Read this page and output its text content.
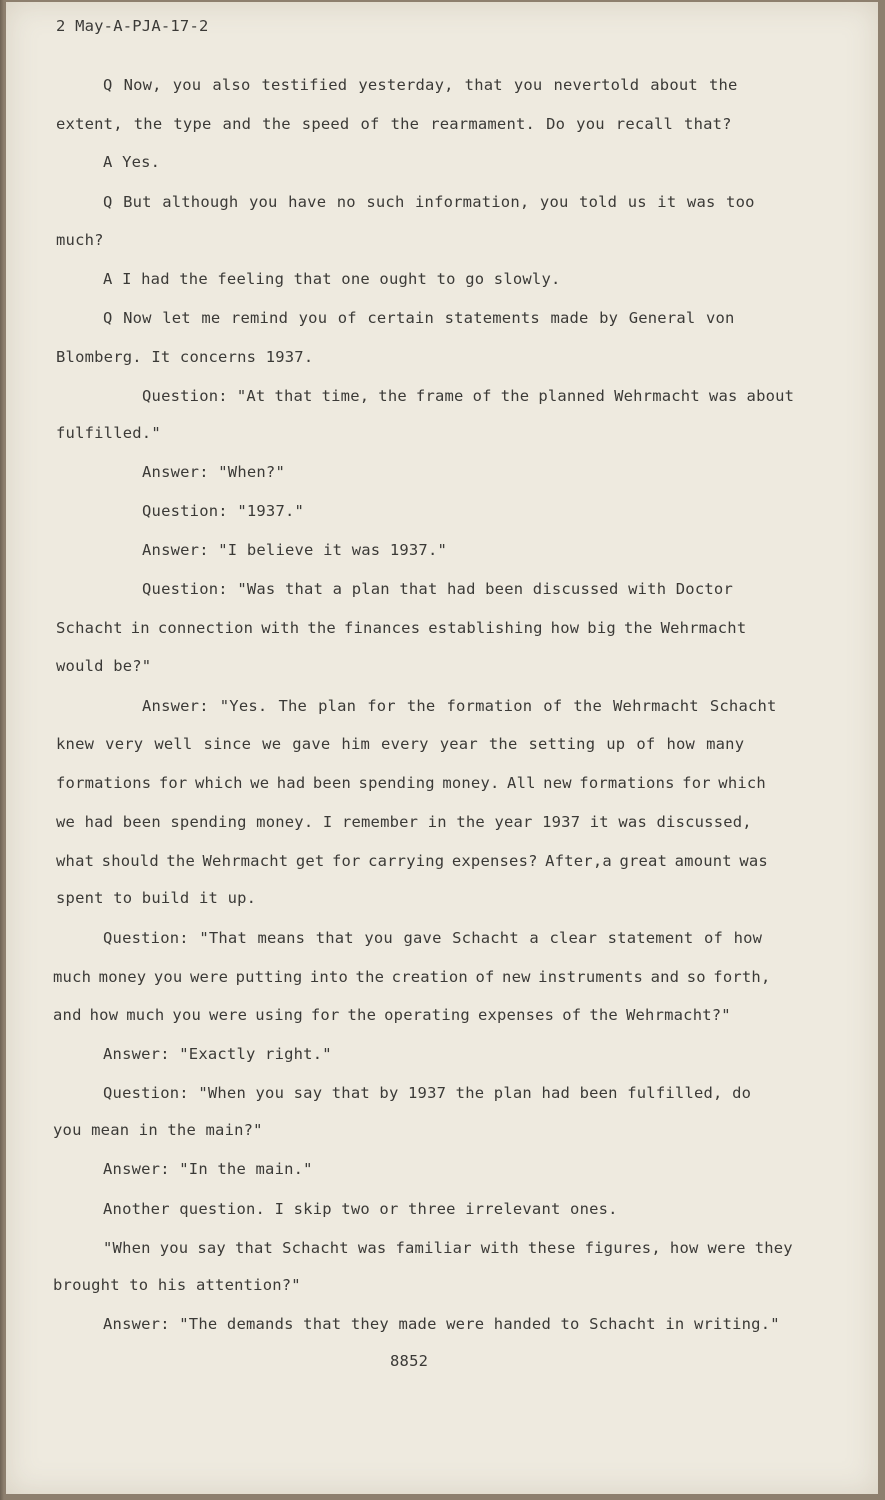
2 May-A-PJA-17-2

Q Now, you also testified yesterday, that you nevertold about the

extent, the type and the speed of the rearmament. Do you recall that?

A Yes.

Q But although you have no such information, you told us it was too

much?

A I had the feeling that one ought to go slowly.

Q Now let me remind you of certain statements made by General von

Blomberg. It concerns 1937.

Question: "At that time, the frame of the planned Wehrmacht was about

fulfilled."

Answer: "When?"

Question: "1937."

Answer: "I believe it was 1937."

Question: "Was that a plan that had been discussed with Doctor

Schacht in connection with the finances establishing how big the Wehrmacht

would be?"

Answer: "Yes. The plan for the formation of the Wehrmacht Schacht

knew very well since we gave him every year the setting up of how many

formations for which we had been spending money. All new formations for which

we had been spending money. I remember in the year 1937 it was discussed,

what should the Wehrmacht get for carrying expenses? After,a great amount was

spent to build it up.

Question: "That means that you gave Schacht a clear statement of how

much money you were putting into the creation of new instruments and so forth,

and how much you were using for the operating expenses of the Wehrmacht?"

Answer: "Exactly right."

Question: "When you say that by 1937 the plan had been fulfilled, do

you mean in the main?"

Answer: "In the main."

Another question. I skip two or three irrelevant ones.

"When you say that Schacht was familiar with these figures, how were they

brought to his attention?"

Answer: "The demands that they made were handed to Schacht in writing."

8852
